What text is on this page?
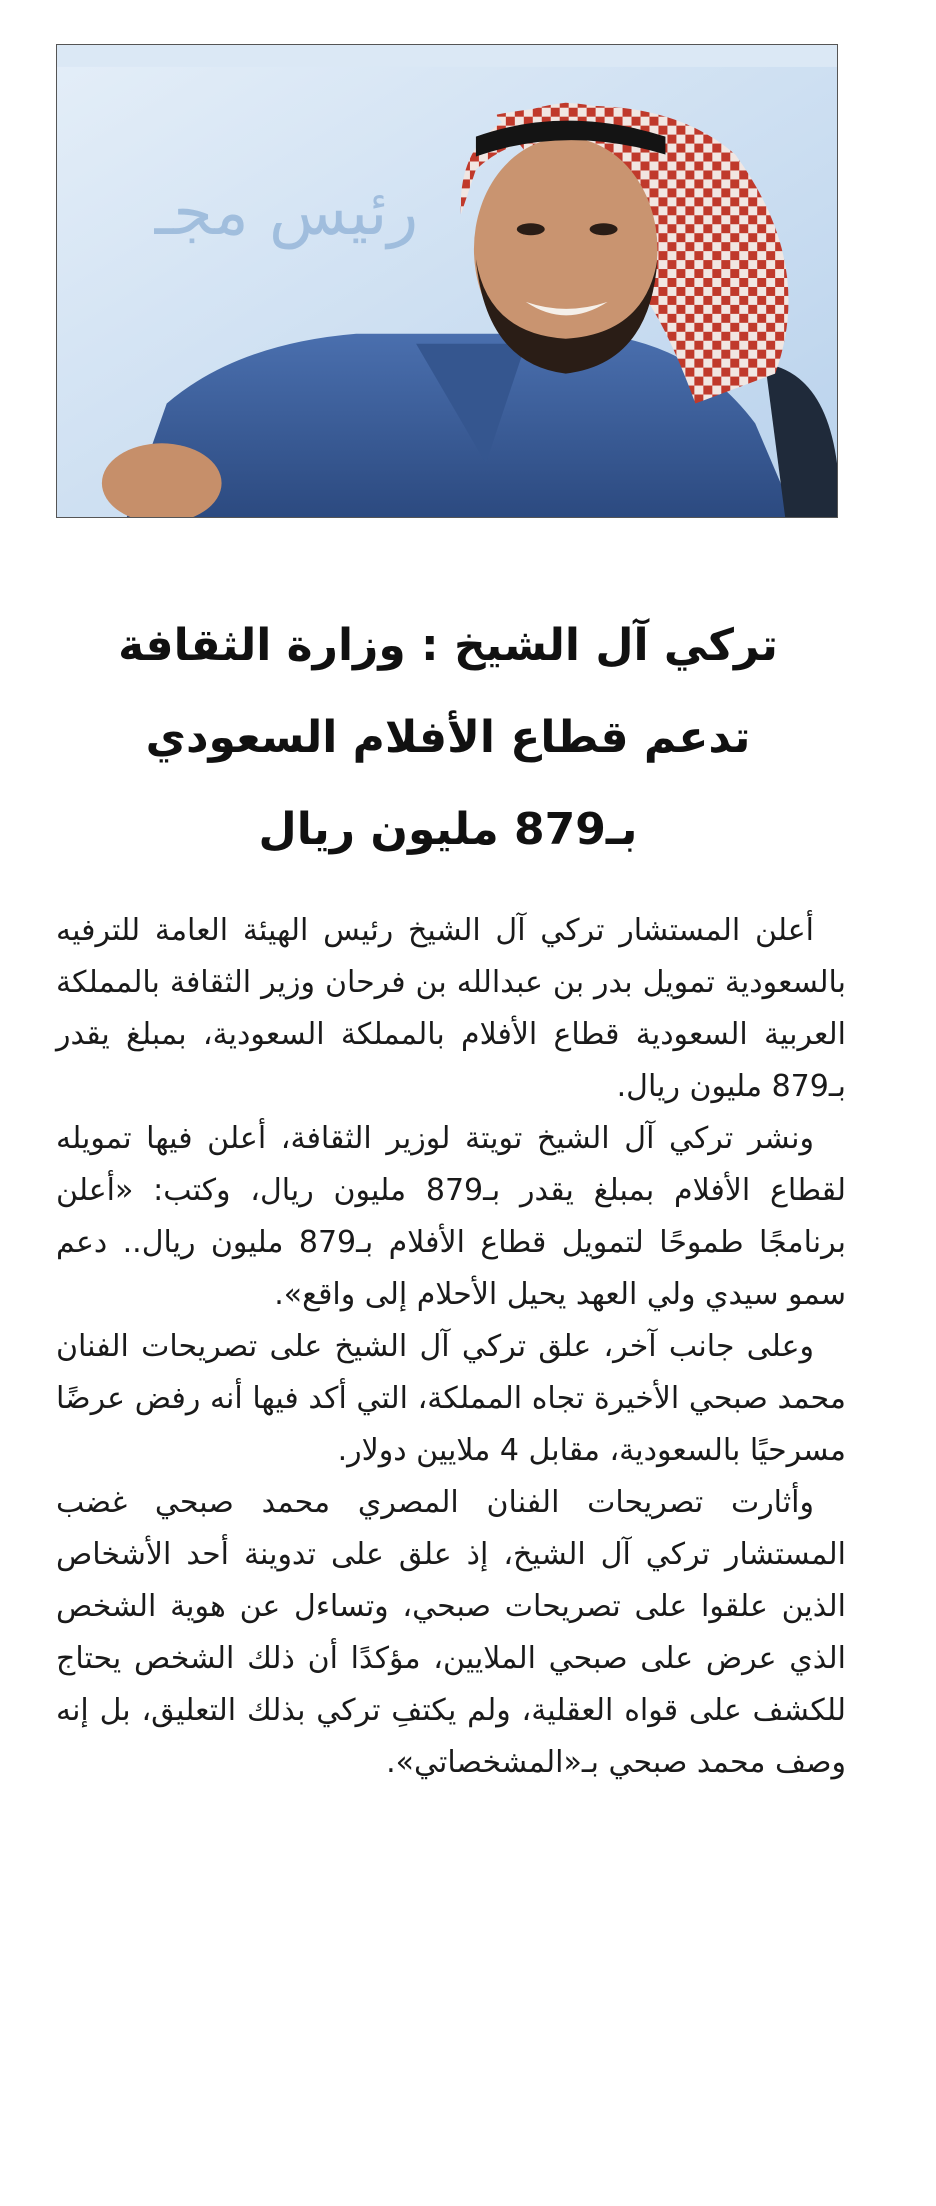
رئيس مجـ
تركي آل الشيخ : وزارة الثقافة
تدعم قطاع الأفلام السعودي
بـ879 مليون ريال

أعلن المستشار تركي آل الشيخ رئيس الهيئة العامة للترفيه بالسعودية تمويل بدر بن عبدالله بن فرحان وزير الثقافة بالمملكة العربية السعودية قطاع الأفلام بالمملكة السعودية، بمبلغ يقدر بـ879 مليون ريال.

ونشر تركي آل الشيخ تويتة لوزير الثقافة، أعلن فيها تمويله لقطاع الأفلام بمبلغ يقدر بـ879 مليون ريال، وكتب: «أعلن برنامجًا طموحًا لتمويل قطاع الأفلام بـ879 مليون ريال.. دعم سمو سيدي ولي العهد يحيل الأحلام إلى واقع».

وعلى جانب آخر، علق تركي آل الشيخ على تصريحات الفنان محمد صبحي الأخيرة تجاه المملكة، التي أكد فيها أنه رفض عرضًا مسرحيًا بالسعودية، مقابل 4 ملايين دولار.

وأثارت تصريحات الفنان المصري محمد صبحي غضب المستشار تركي آل الشيخ، إذ علق على تدوينة أحد الأشخاص الذين علقوا على تصريحات صبحي، وتساءل عن هوية الشخص الذي عرض على صبحي الملايين، مؤكدًا أن ذلك الشخص يحتاج للكشف على قواه العقلية، ولم يكتفِ تركي بذلك التعليق، بل إنه وصف محمد صبحي بـ«المشخصاتي».
